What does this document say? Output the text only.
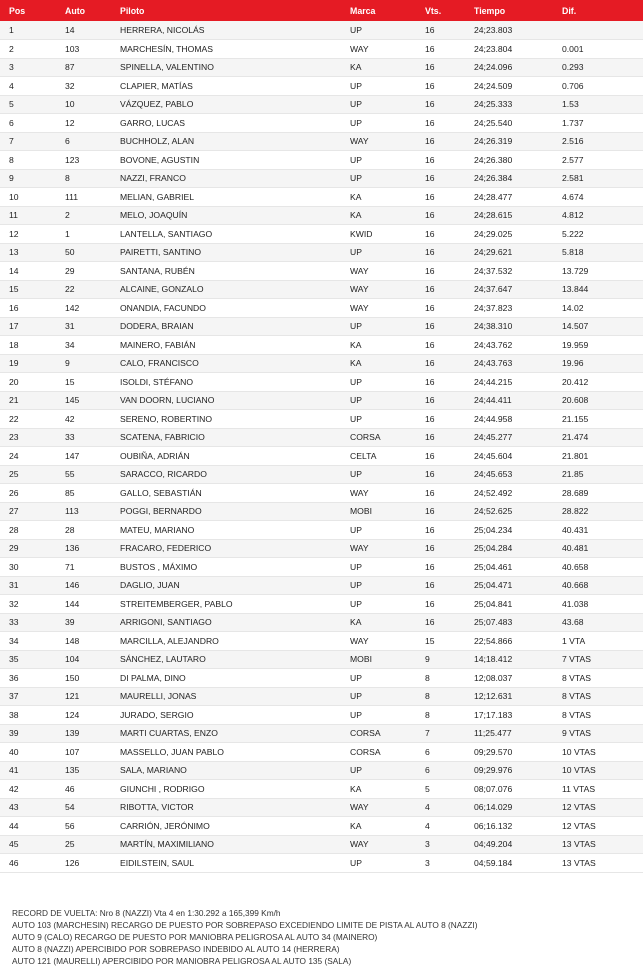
Pos	Auto	Piloto	Marca	Vts.	Tiempo	Dif.
1	14	HERRERA, NICOLÁS	UP	16	24;23.803	
2	103	MARCHESÍN, THOMAS	WAY	16	24;23.804	0.001
3	87	SPINELLA, VALENTINO	KA	16	24;24.096	0.293
4	32	CLAPIER, MATÍAS	UP	16	24;24.509	0.706
5	10	VÁZQUEZ, PABLO	UP	16	24;25.333	1.53
6	12	GARRO, LUCAS	UP	16	24;25.540	1.737
7	6	BUCHHOLZ, ALAN	WAY	16	24;26.319	2.516
8	123	BOVONE, AGUSTIN	UP	16	24;26.380	2.577
9	8	NAZZI, FRANCO	UP	16	24;26.384	2.581
10	111	MELIAN, GABRIEL	KA	16	24;28.477	4.674
11	2	MELO, JOAQUÍN	KA	16	24;28.615	4.812
12	1	LANTELLA, SANTIAGO	KWID	16	24;29.025	5.222
13	50	PAIRETTI, SANTINO	UP	16	24;29.621	5.818
14	29	SANTANA, RUBÉN	WAY	16	24;37.532	13.729
15	22	ALCAINE, GONZALO	WAY	16	24;37.647	13.844
16	142	ONANDIA, FACUNDO	WAY	16	24;37.823	14.02
17	31	DODERA, BRAIAN	UP	16	24;38.310	14.507
18	34	MAINERO, FABIÁN	KA	16	24;43.762	19.959
19	9	CALO, FRANCISCO	KA	16	24;43.763	19.96
20	15	ISOLDI, STÉFANO	UP	16	24;44.215	20.412
21	145	VAN DOORN, LUCIANO	UP	16	24;44.411	20.608
22	42	SERENO, ROBERTINO	UP	16	24;44.958	21.155
23	33	SCATENA, FABRICIO	CORSA	16	24;45.277	21.474
24	147	OUBIÑA, ADRIÁN	CELTA	16	24;45.604	21.801
25	55	SARACCO, RICARDO	UP	16	24;45.653	21.85
26	85	GALLO, SEBASTIÁN	WAY	16	24;52.492	28.689
27	113	POGGI, BERNARDO	MOBI	16	24;52.625	28.822
28	28	MATEU, MARIANO	UP	16	25;04.234	40.431
29	136	FRACARO, FEDERICO	WAY	16	25;04.284	40.481
30	71	BUSTOS , MÁXIMO	UP	16	25;04.461	40.658
31	146	DAGLIO, JUAN	UP	16	25;04.471	40.668
32	144	STREITEMBERGER, PABLO	UP	16	25;04.841	41.038
33	39	ARRIGONI, SANTIAGO	KA	16	25;07.483	43.68
34	148	MARCILLA, ALEJANDRO	WAY	15	22;54.866	1 VTA
35	104	SÁNCHEZ, LAUTARO	MOBI	9	14;18.412	7 VTAS
36	150	DI PALMA, DINO	UP	8	12;08.037	8 VTAS
37	121	MAURELLI, JONAS	UP	8	12;12.631	8 VTAS
38	124	JURADO, SERGIO	UP	8	17;17.183	8 VTAS
39	139	MARTI CUARTAS, ENZO	CORSA	7	11;25.477	9 VTAS
40	107	MASSELLO, JUAN PABLO	CORSA	6	09;29.570	10 VTAS
41	135	SALA, MARIANO	UP	6	09;29.976	10 VTAS
42	46	GIUNCHI , RODRIGO	KA	5	08;07.076	11 VTAS
43	54	RIBOTTA, VICTOR	WAY	4	06;14.029	12 VTAS
44	56	CARRIÓN, JERÓNIMO	KA	4	06;16.132	12 VTAS
45	25	MARTÍN, MAXIMILIANO	WAY	3	04;49.204	13 VTAS
46	126	EIDILSTEIN, SAUL	UP	3	04;59.184	13 VTAS
RECORD DE VUELTA: Nro 8 (NAZZI) Vta 4 en 1:30.292 a 165,399 Km/h
AUTO 103 (MARCHESIN) RECARGO DE PUESTO POR SOBREPASO EXCEDIENDO LIMITE DE PISTA AL AUTO 8 (NAZZI)
AUTO 9 (CALO) RECARGO DE PUESTO POR MANIOBRA PELIGROSA AL AUTO 34 (MAINERO)
AUTO 8 (NAZZI) APERCIBIDO POR SOBREPASO INDEBIDO AL AUTO 14 (HERRERA)
AUTO 121 (MAURELLI) APERCIBIDO POR MANIOBRA PELIGROSA AL AUTO 135 (SALA)
